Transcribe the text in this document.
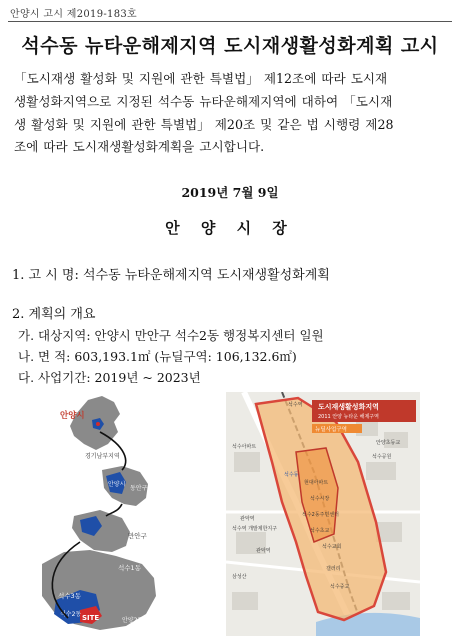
안양시 고시 제2019-183호
석수동 뉴타운해제지역 도시재생활성화계획 고시
「도시재생 활성화 및 지원에 관한 특별법」 제12조에 따라 도시재
생활성화지역으로 지정된 석수동 뉴타운해제지역에 대하여 「도시재
생 활성화 및 지원에 관한 특별법」 제20조 및 같은 법 시행령 제28
조에 따라 도시재생활성화계획을 고시합니다.
2019년 7월 9일
안 양 시 장
1. 고 시 명: 석수동 뉴타운해제지역 도시재생활성화계획
2. 계획의 개요
가. 대상지역: 안양시 만안구 석수2동 행정복지센터 일원
나. 면 적: 603,193.1㎡ (뉴딜구역: 106,132.6㎡)
다. 사업기간: 2019년 ~ 2023년
안양시
경기남부지역
안양시
동안구
만안구
석수1동
석수3동
석수2동 SITE	안양2동
도시재생활성화지역
2011 안양 뉴타운 해제구역
뉴딜사업구역
석수역
석수아파트
안양초등교
석수공원
관악역
석수역 개발제한지구
관악역
석수동
현대아파트
석수시장
석수2동주민센터
석수초교
석수교회
삼성산
갤러리
석수중교
